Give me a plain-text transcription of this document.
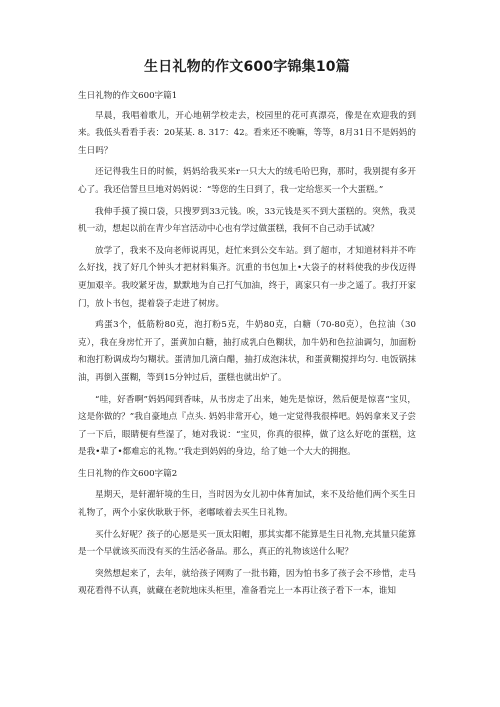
生日礼物的作文600字锦集10篇

生日礼物的作文600字篇1

早晨，我唱着歌儿，开心地朝学校走去，校园里的花可真漂亮，像是在欢迎我的到来。我低头看看手表：20某某. 8. 317：42。看来还不晚嘛，等等，8月31日不是妈妈的生日吗？

还记得我生日的时候，妈妈给我买来r一只大大的绒毛哈巴狗，那时，我别提有多开心了。我还信誓旦旦地对妈妈说：“等您的生日到了，我一定给您买一个大蛋糕。”

我伸手摸了摸口袋，只搜罗到33元钱。唉，33元钱是买不到大蛋糕的。突然，我灵机一动，想起以前在青少年宫活动中心也有学过做蛋糕，我何不自己动手试减？

放学了，我来不及向老师说再见，赶忙来到公交车站。到了超市，才知道材料并不咋么好找，找了好几个钟头才把材料集齐。沉重的书包加上•大袋子的材料使我的步伐迈得更加艰辛。我咬紧牙齿，默默地为自己打气加油，终于，离家只有一步之遥了。我打开家门，放卜书包，提着袋子走进了树房。

鸡蛋3个，低筋粉80克，泡打粉5克，牛奶80克，白糖（70-80克），色拉油（30克），我在身房忙开了，蛋黄加白糖，抽打成乳白色糊状，加牛奶和色拉油调匀，加面粉和泡打粉调成均匀糊状。蛋清加几滴白醋，抽打成泡沫状，和蛋黄糊搅拌均匀. 电饭锅抹油，再倒入蛋糊，等到15分钟过后，蛋糕也就出炉了。

“哇，好香啊”妈妈闻到香味，从书房走了出来，她先是惊讶，然后便是惊喜“宝贝，这是你做的？”我自豪地点『点头. 妈妈非常开心，她一定觉得我很棒吧。妈妈拿来叉子尝了一下后，眼睛便有些湿了，她对我说：“宝贝，你真的很棒，做了这么好吃的蛋糕，这是我•辈了•都难忘的礼物。’’我走到妈妈的身边，给了她一个大大的拥抱。

生日礼物的作文600字篇2

星期天，是轩濯轩境的生日，当时因为女儿初中体育加试，来不及给他们两个买生日礼物了，两个小家伙耿耿于怀，老嘟哝着去买生日礼物。

买什么好呢？孩子的心愿是买一顶太阳帽，那其实都不能算是生日礼物,充其量只能算是一个早就该买而没有买的生活必备品。那么，真正的礼物该送什么呢？

突然想起来了，去年，就给孩子网购了一批书籍，因为怕书多了孩子会不珍惜，走马观花看得不认真，就藏在老院地床头柜里，准备看完上一本再让孩子看下一本，谁知
